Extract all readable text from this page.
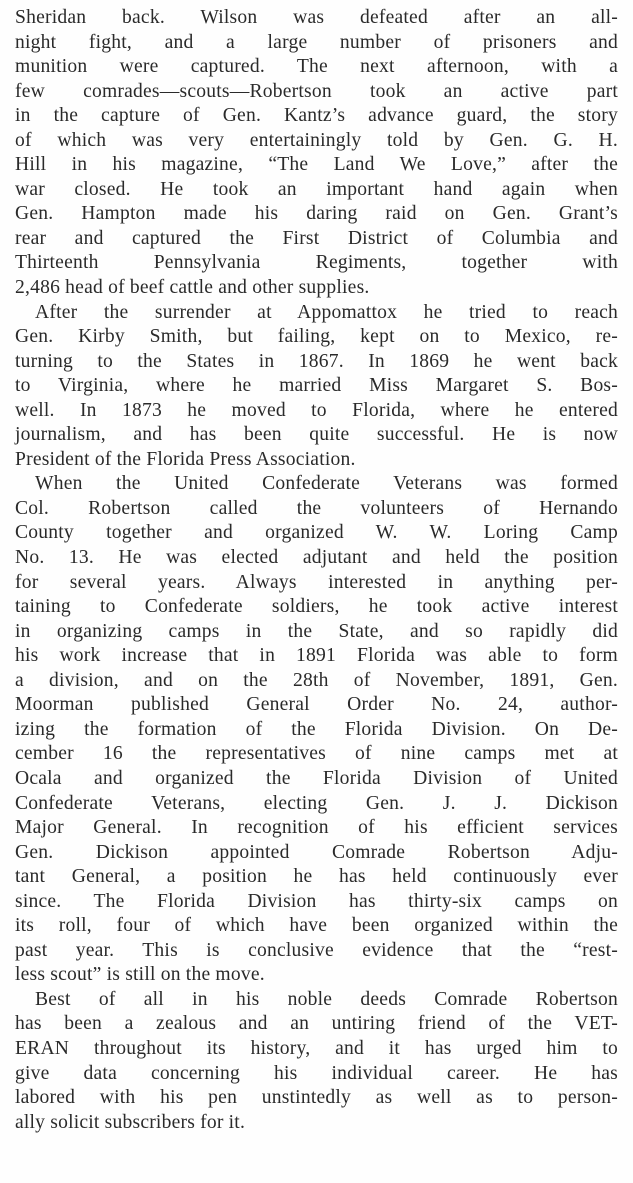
Sheridan back. Wilson was defeated after an all-
night fight, and a large number of prisoners and
munition were captured. The next afternoon, with a
few comrades—scouts—Robertson took an active part
in the capture of Gen. Kantz’s advance guard, the story
of which was very entertainingly told by Gen. G. H.
Hill in his magazine, “The Land We Love,” after the
war closed. He took an important hand again when
Gen. Hampton made his daring raid on Gen. Grant’s
rear and captured the First District of Columbia and
Thirteenth Pennsylvania Regiments, together with
2,486 head of beef cattle and other supplies.
After the surrender at Appomattox he tried to reach
Gen. Kirby Smith, but failing, kept on to Mexico, re-
turning to the States in 1867. In 1869 he went back
to Virginia, where he married Miss Margaret S. Bos-
well. In 1873 he moved to Florida, where he entered
journalism, and has been quite successful. He is now
President of the Florida Press Association.
When the United Confederate Veterans was formed
Col. Robertson called the volunteers of Hernando
County together and organized W. W. Loring Camp
No. 13. He was elected adjutant and held the position
for several years. Always interested in anything per-
taining to Confederate soldiers, he took active interest
in organizing camps in the State, and so rapidly did
his work increase that in 1891 Florida was able to form
a division, and on the 28th of November, 1891, Gen.
Moorman published General Order No. 24, author-
izing the formation of the Florida Division. On De-
cember 16 the representatives of nine camps met at
Ocala and organized the Florida Division of United
Confederate Veterans, electing Gen. J. J. Dickison
Major General. In recognition of his efficient services
Gen. Dickison appointed Comrade Robertson Adju-
tant General, a position he has held continuously ever
since. The Florida Division has thirty-six camps on
its roll, four of which have been organized within the
past year. This is conclusive evidence that the “rest-
less scout” is still on the move.
Best of all in his noble deeds Comrade Robertson
has been a zealous and an untiring friend of the VET-
ERAN throughout its history, and it has urged him to
give data concerning his individual career. He has
labored with his pen unstintedly as well as to person-
ally solicit subscribers for it.
